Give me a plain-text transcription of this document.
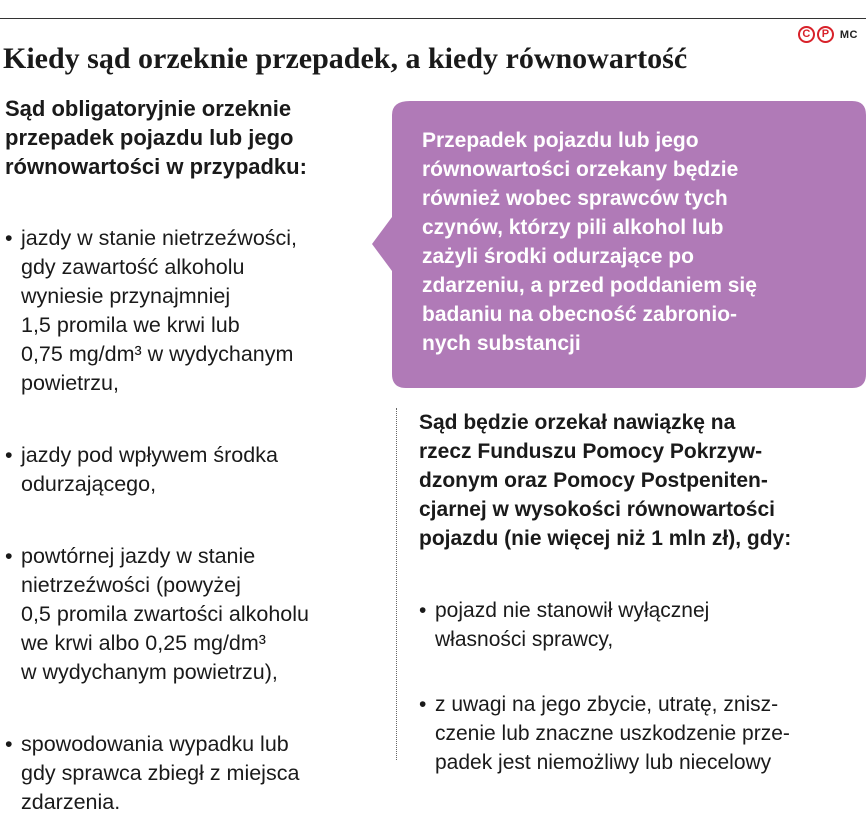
C	P MC
Kiedy sąd orzeknie przepadek, a kiedy równowartość

Sąd obligatoryjnie orzeknie
przepadek pojazdu lub jego
równowartości w przypadku:

• jazdy w stanie nietrzeźwości,
gdy zawartość alkoholu
wyniesie przynajmniej
1,5 promila we krwi lub
0,75 mg/dm³ w wydychanym
powietrzu,
• jazdy pod wpływem środka
odurzającego,
• powtórnej jazdy w stanie
nietrzeźwości (powyżej
0,5 promila zwartości alkoholu
we krwi albo 0,25 mg/dm³
w wydychanym powietrzu),
• spowodowania wypadku lub
gdy sprawca zbiegł z miejsca
zdarzenia.

Przepadek pojazdu lub jego
równowartości orzekany będzie
również wobec sprawców tych
czynów, którzy pili alkohol lub
zażyli środki odurzające po
zdarzeniu, a przed poddaniem się
badaniu na obecność zabronio-
nych substancji

Sąd będzie orzekał nawiązkę na
rzecz Funduszu Pomocy Pokrzyw-
dzonym oraz Pomocy Postpeniten-
cjarnej w wysokości równowartości
pojazdu (nie więcej niż 1 mln zł), gdy:

• pojazd nie stanowił wyłącznej
własności sprawcy,
• z uwagi na jego zbycie, utratę, znisz-
czenie lub znaczne uszkodzenie prze-
padek jest niemożliwy lub niecelowy
